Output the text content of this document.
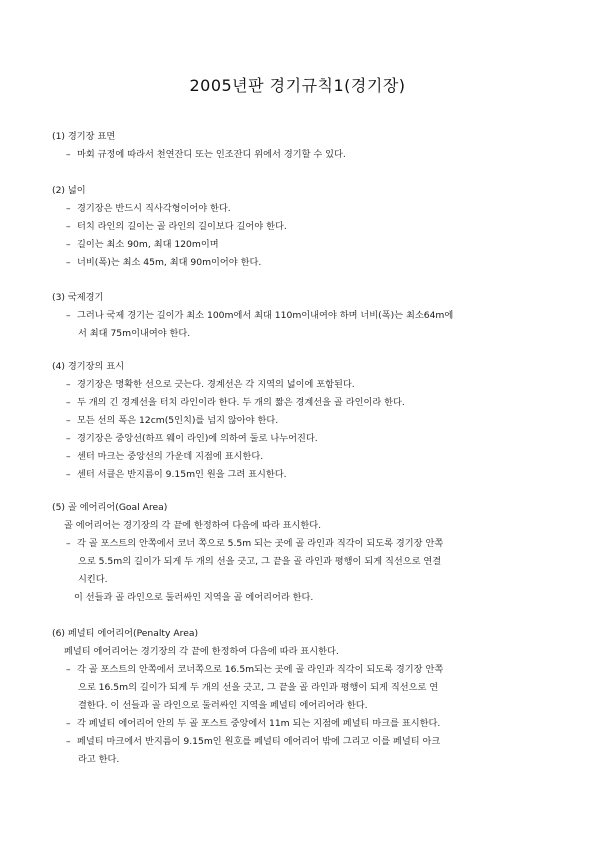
2005년판 경기규칙1(경기장)

(1) 경기장 표면

– 마회 규정에 따라서 천연잔디 또는 인조잔디 위에서 경기할 수 있다.

(2) 넓이

– 경기장은 반드시 직사각형이어야 한다.

– 터치 라인의 길이는 골 라인의 길이보다 길어야 한다.

– 길이는 최소 90m, 최대 120m이며

– 너비(폭)는 최소 45m, 최대 90m이어야 한다.

(3) 국제경기

– 그러나 국제 경기는 길이가 최소 100m에서 최대 110m이내여야 하며 너비(폭)는 최소64m에

서 최대 75m이내여야 한다.

(4) 경기장의 표시

– 경기장은 명확한 선으로 긋는다. 경계선은 각 지역의 넓이에 포함된다.

– 두 개의 긴 경계선을 터치 라인이라 한다. 두 개의 짧은 경계선을 골 라인이라 한다.

– 모든 선의 폭은 12cm(5인치)를 넘지 않아야 한다.

– 경기장은 중앙선(하프 웨이 라인)에 의하여 둘로 나누어진다.

– 센터 마크는 중앙선의 가운데 지점에 표시한다.

– 센터 서클은 반지름이 9.15m인 원을 그려 표시한다.

(5) 골 에어리어(Goal Area)

골 에어리어는 경기장의 각 끝에 한정하여 다음에 따라 표시한다.

– 각 골 포스트의 안쪽에서 코너 쪽으로 5.5m 되는 곳에 골 라인과 직각이 되도록 경기장 안쪽

으로 5.5m의 길이가 되게 두 개의 선을 긋고, 그 끝을 골 라인과 평행이 되게 직선으로 연결

시킨다.

이 선들과 골 라인으로 둘러싸인 지역을 골 에어리어라 한다.

(6) 페널티 에어리어(Penalty Area)

페널티 에어리어는 경기장의 각 끝에 한정하여 다음에 따라 표시한다.

– 각 골 포스트의 안쪽에서 코너쪽으로 16.5m되는 곳에 골 라인과 직각이 되도록 경기장 안쪽

으로 16.5m의 길이가 되게 두 개의 선을 긋고, 그 끝을 골 라인과 평행이 되게 직선으로 연

결한다. 이 선들과 골 라인으로 둘러싸인 지역을 페널티 에어리어라 한다.

– 각 페널티 에어리어 안의 두 골 포스트 중앙에서 11m 되는 지점에 페널티 마크를 표시한다.

– 페널티 마크에서 반지름이 9.15m인 원호를 페널티 에어리어 밖에 그리고 이를 페널티 아크

라고 한다.
